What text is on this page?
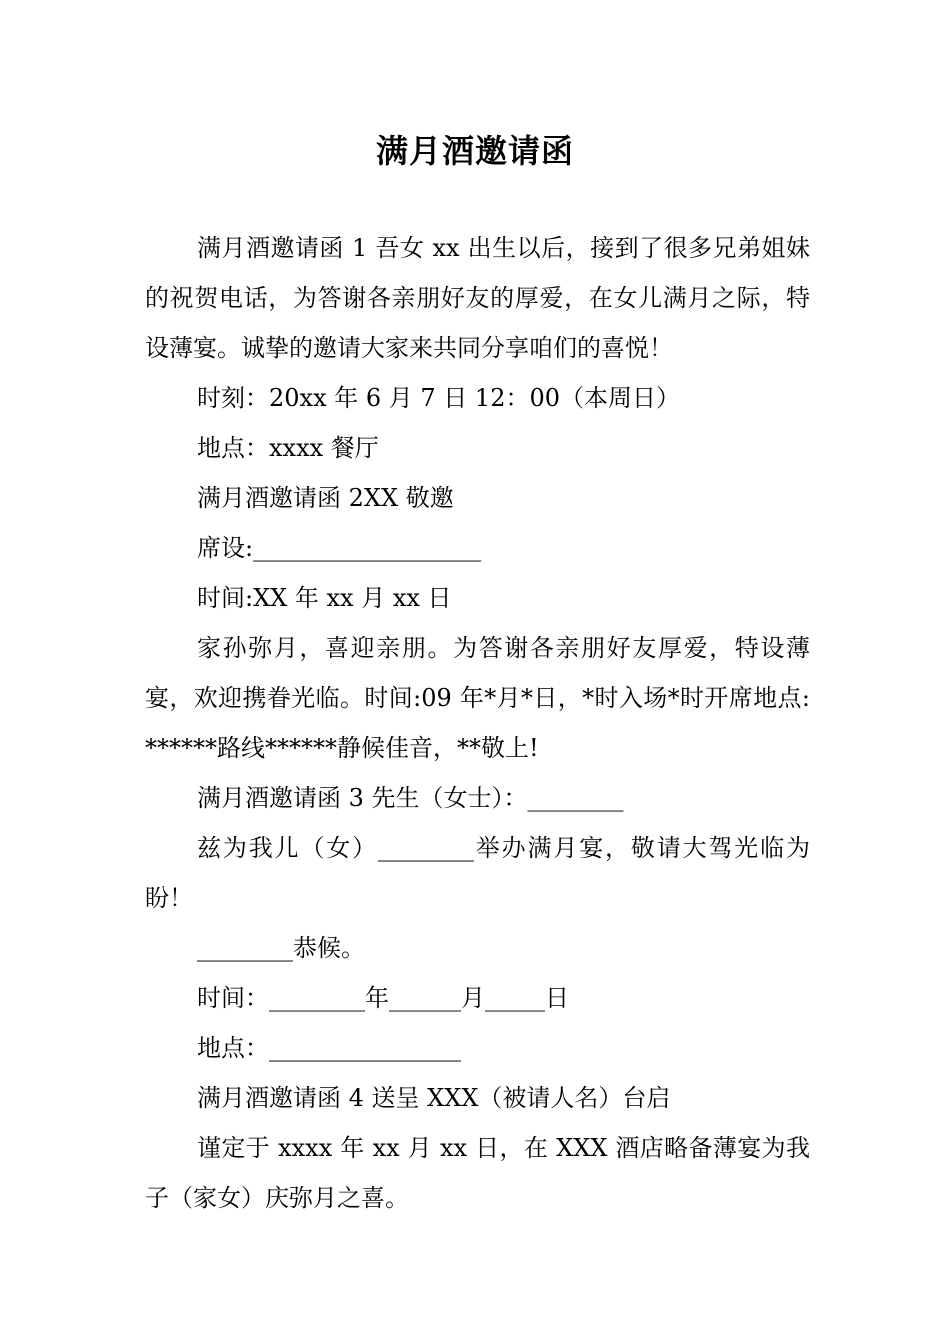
满月酒邀请函

满月酒邀请函 1 吾女 xx 出生以后，接到了很多兄弟姐妹的祝贺电话，为答谢各亲朋好友的厚爱，在女儿满月之际，特设薄宴。诚挚的邀请大家来共同分享咱们的喜悦！

时刻：20xx 年 6 月 7 日 12：00（本周日）

地点：xxxx 餐厅

满月酒邀请函 2XX 敬邀

席设:___________________

时间:XX 年 xx 月 xx 日

家孙弥月，喜迎亲朋。为答谢各亲朋好友厚爱，特设薄宴，欢迎携眷光临。时间:09 年*月*日，*时入场*时开席地点:******路线******静候佳音，**敬上!

满月酒邀请函 3 先生（女士）：________

兹为我儿（女）________举办满月宴，敬请大驾光临为盼！

________恭候。

时间：________年______月_____日

地点：________________

满月酒邀请函 4 送呈 XXX（被请人名）台启

谨定于 xxxx 年 xx 月 xx 日，在 XXX 酒店略备薄宴为我子（家女）庆弥月之喜。
